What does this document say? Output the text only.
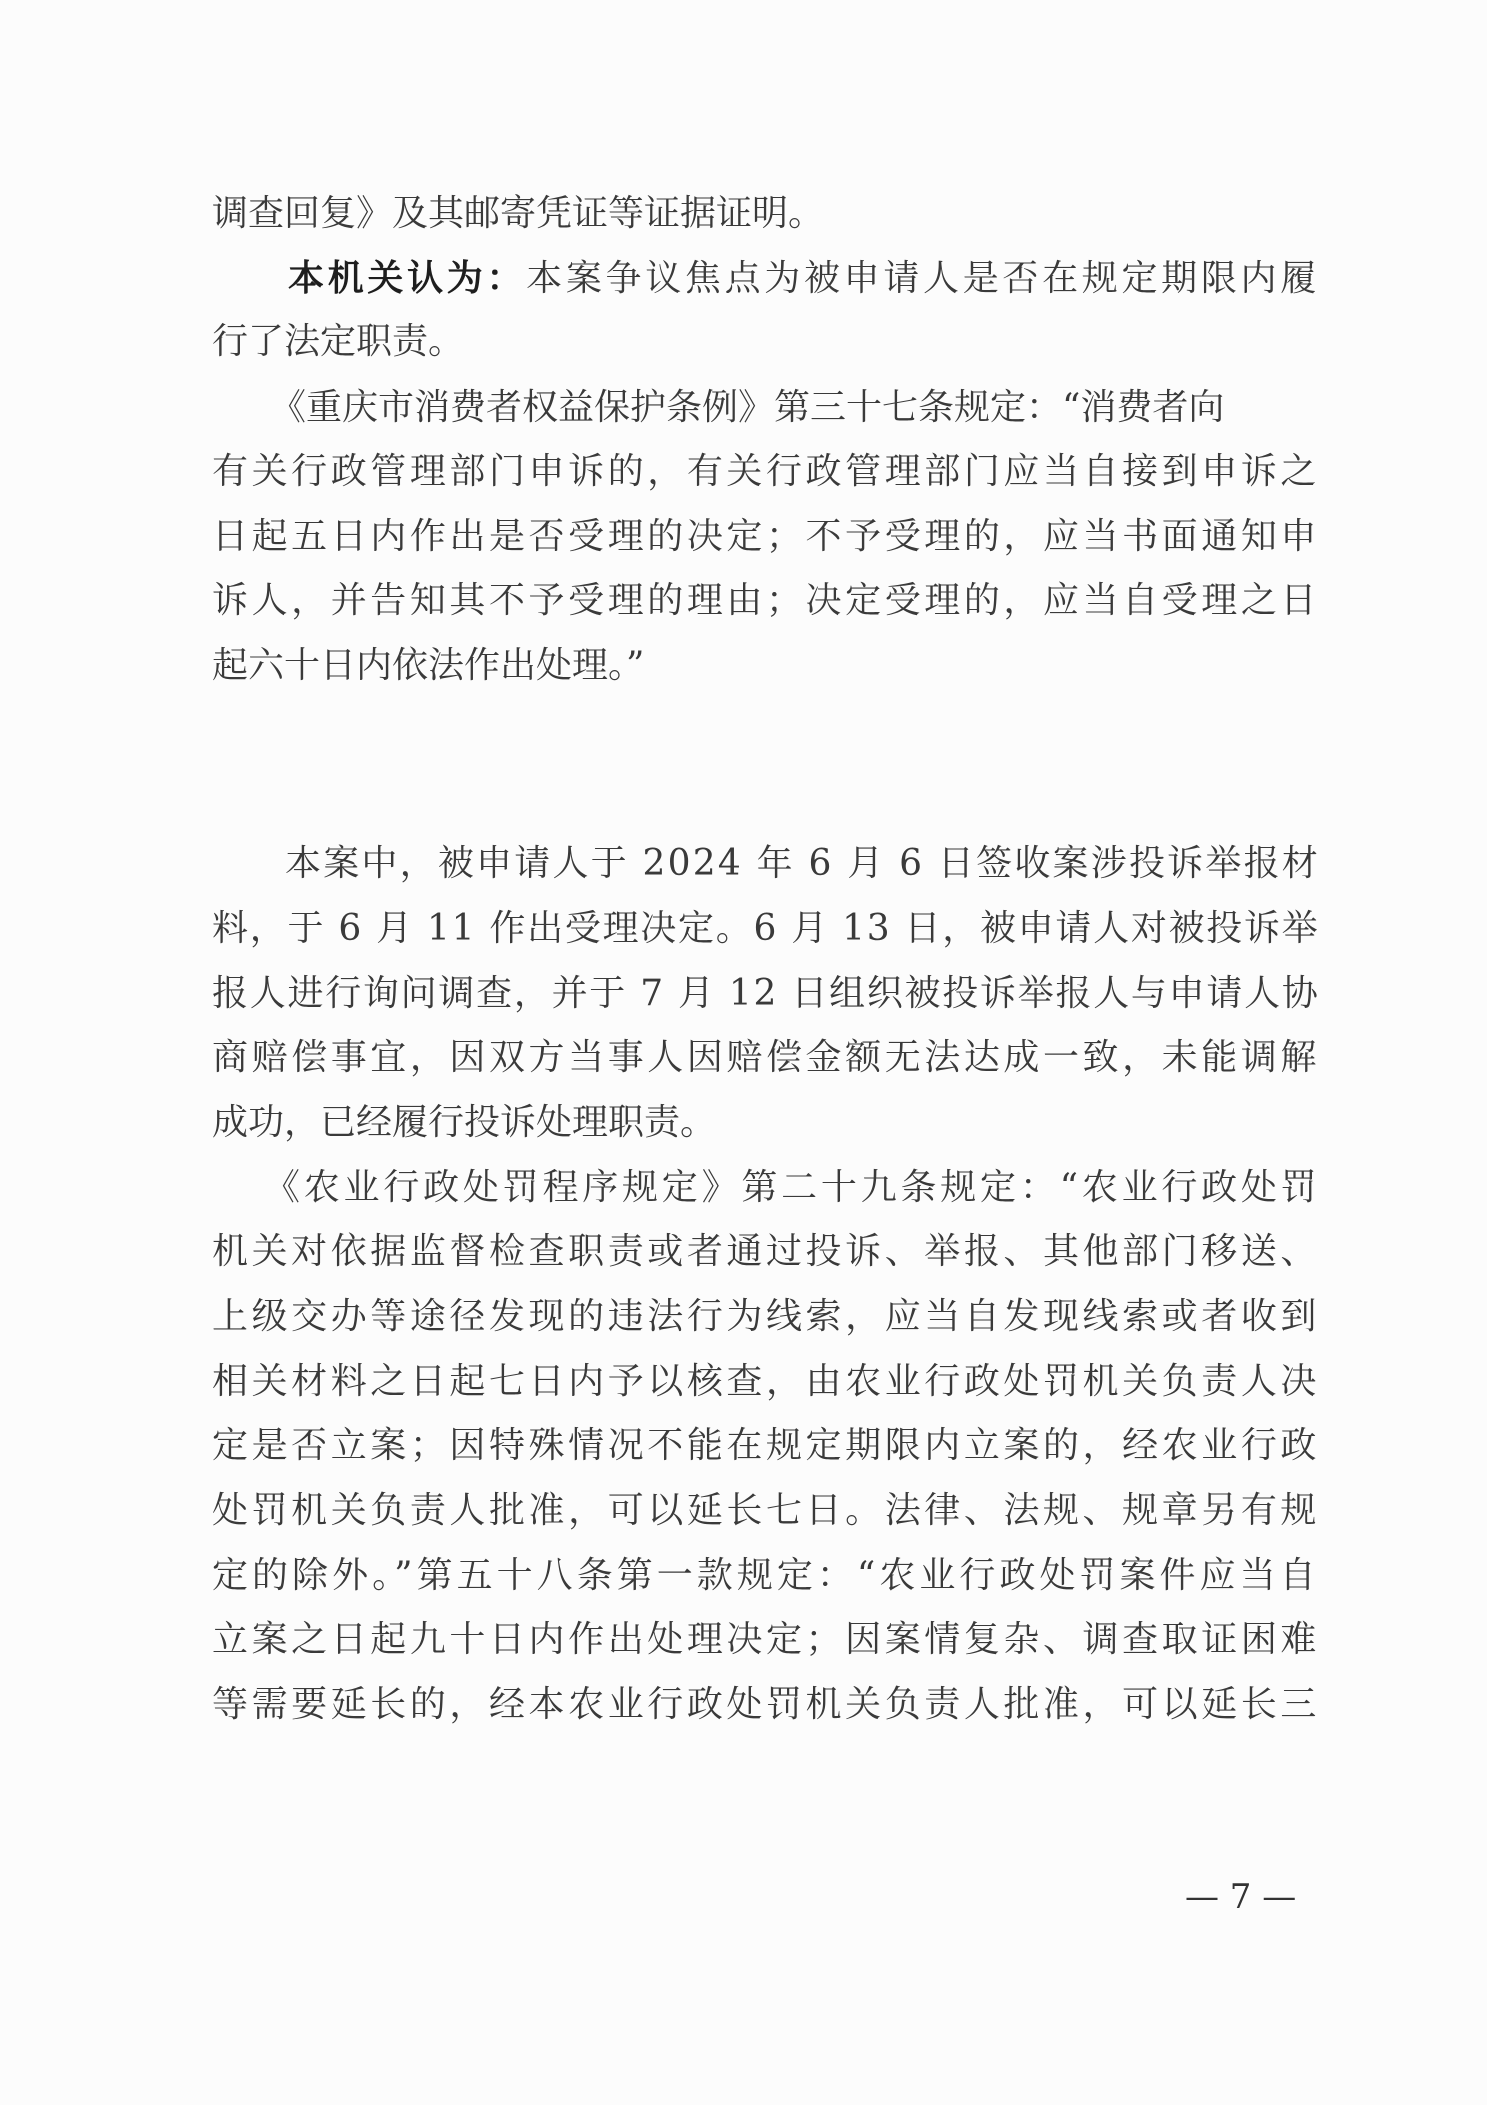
调查回复》及其邮寄凭证等证据证明。
本机关认为：本案争议焦点为被申请人是否在规定期限内履
行了法定职责。
《重庆市消费者权益保护条例》第三十七条规定：“消费者向
有关行政管理部门申诉的，有关行政管理部门应当自接到申诉之
日起五日内作出是否受理的决定；不予受理的，应当书面通知申
诉人，并告知其不予受理的理由；决定受理的，应当自受理之日
起六十日内依法作出处理。”
本案中，被申请人于 2024 年 6 月 6 日签收案涉投诉举报材
料，于 6 月 11 作出受理决定。6 月 13 日，被申请人对被投诉举
报人进行询问调查，并于 7 月 12 日组织被投诉举报人与申请人协
商赔偿事宜，因双方当事人因赔偿金额无法达成一致，未能调解
成功，已经履行投诉处理职责。
《农业行政处罚程序规定》第二十九条规定：“农业行政处罚
机关对依据监督检查职责或者通过投诉、举报、其他部门移送、
上级交办等途径发现的违法行为线索，应当自发现线索或者收到
相关材料之日起七日内予以核查，由农业行政处罚机关负责人决
定是否立案；因特殊情况不能在规定期限内立案的，经农业行政
处罚机关负责人批准，可以延长七日。法律、法规、规章另有规
定的除外。”第五十八条第一款规定：“农业行政处罚案件应当自
立案之日起九十日内作出处理决定；因案情复杂、调查取证困难
等需要延长的，经本农业行政处罚机关负责人批准，可以延长三
— 7 —
